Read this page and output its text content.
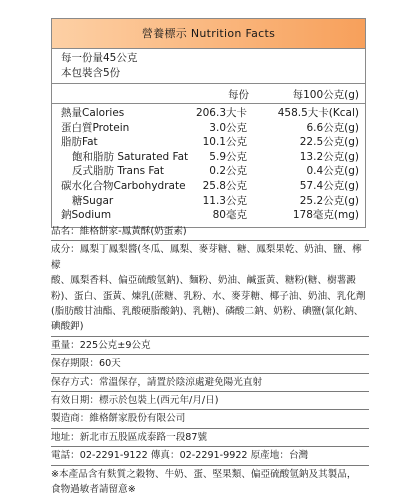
營養標示 Nutrition Facts
每一份量45公克
本包裝含5份
每份	每100公克(g)
熱量Calories	206.3大卡	458.5大卡(Kcal)
蛋白質Protein	3.0公克	6.6公克(g)
脂肪Fat	10.1公克	22.5公克(g)
飽和脂肪 Saturated Fat 5.9公克	13.2公克(g)
反式脂肪 Trans Fat	0.2公克	0.4公克(g)
碳水化合物Carbohydrate 25.8公克	57.4公克(g)
糖Sugar	11.3公克	25.2公克(g)
鈉Sodium	80毫克	178毫克(mg)

品名：維格餅家-鳳黃酥(奶蛋素)

成分：鳳梨丁鳳梨醬(冬瓜、鳳梨、麥芽糖、糖、鳳梨果乾、奶油、鹽、檸檬

酸、鳳梨香料、偏亞硫酸氫鈉)、麵粉、奶油、鹹蛋黃、糖粉(糖、樹薯澱

粉)、蛋白、蛋黃、煉乳(蔗糖、乳粉、水、麥芽糖、椰子油、奶油、乳化劑

(脂肪酸甘油酯、乳酸硬脂酸鈉)、乳糖)、磷酸二鈉、奶粉、碘鹽(氯化鈉、

碘酸鉀)

重量：225公克±9公克

保存期限：60天

保存方式：常溫保存，請置於陰涼處避免陽光直射

有效日期：標示於包裝上(西元年/月/日)

製造商：維格餅家股份有限公司

地址：新北市五股區成泰路一段87號

電話：02-2291-9122 傳真：02-2291-9922 原產地：台灣

※本產品含有麩質之穀物、牛奶、蛋、堅果類、偏亞硫酸氫鈉及其製品，

食物過敏者請留意※
